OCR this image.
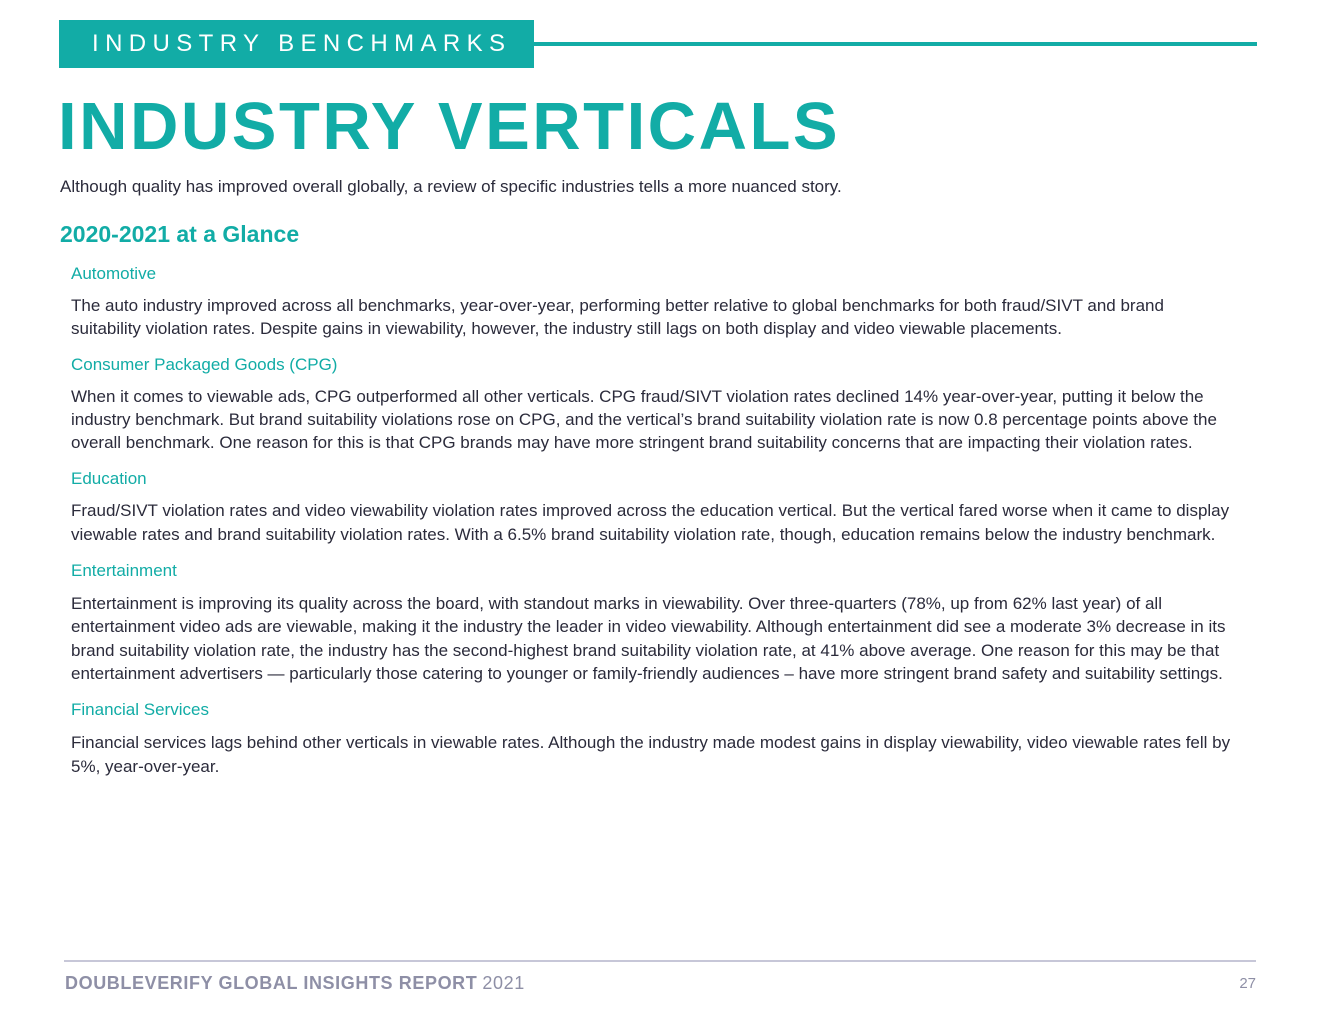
INDUSTRY BENCHMARKS
INDUSTRY VERTICALS

Although quality has improved overall globally, a review of specific industries tells a more nuanced story.

2020-2021 at a Glance

Automotive

The auto industry improved across all benchmarks, year-over-year, performing better relative to global benchmarks for both fraud/SIVT and brand suitability violation rates. Despite gains in viewability, however, the industry still lags on both display and video viewable placements.

Consumer Packaged Goods (CPG)

When it comes to viewable ads, CPG outperformed all other verticals. CPG fraud/SIVT violation rates declined 14% year-over-year, putting it below the industry benchmark. But brand suitability violations rose on CPG, and the vertical’s brand suitability violation rate is now 0.8 percentage points above the overall benchmark. One reason for this is that CPG brands may have more stringent brand suitability concerns that are impacting their violation rates.

Education

Fraud/SIVT violation rates and video viewability violation rates improved across the education vertical. But the vertical fared worse when it came to display viewable rates and brand suitability violation rates. With a 6.5% brand suitability violation rate, though, education remains below the industry benchmark.

Entertainment

Entertainment is improving its quality across the board, with standout marks in viewability. Over three-quarters (78%, up from 62% last year) of all entertainment video ads are viewable, making it the industry the leader in video viewability. Although entertainment did see a moderate 3% decrease in its brand suitability violation rate, the industry has the second-highest brand suitability violation rate, at 41% above average. One reason for this may be that entertainment advertisers — particularly those catering to younger or family-friendly audiences – have more stringent brand safety and suitability settings.

Financial Services

Financial services lags behind other verticals in viewable rates. Although the industry made modest gains in display viewability, video viewable rates fell by 5%, year-over-year.

DOUBLEVERIFY GLOBAL INSIGHTS REPORT 2021	27
